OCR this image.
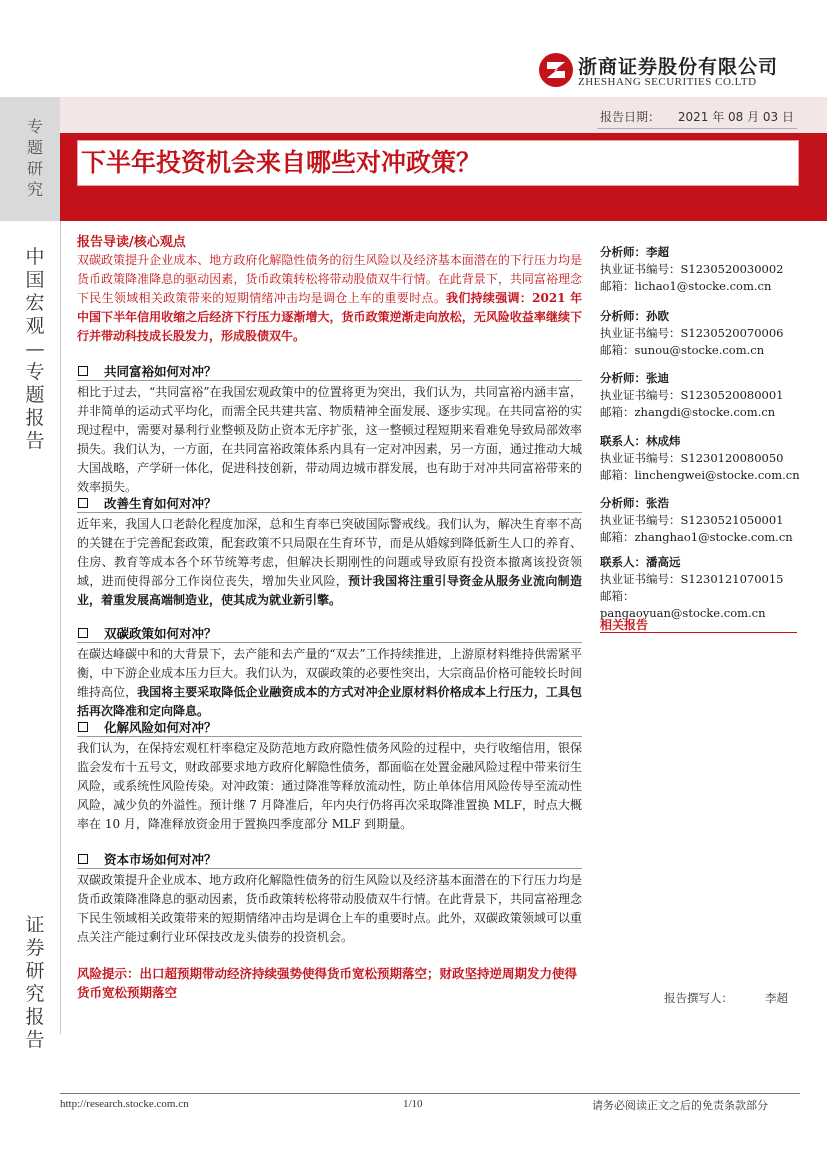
浙商证券股份有限公司
ZHESHANG SECURITIES CO.LTD
专题研究
中国宏观—专题报告
证券研究报告
报告日期： 2021 年 08 月 03 日
下半年投资机会来自哪些对冲政策？
报告导读/核心观点
双碳政策提升企业成本、地方政府化解隐性债务的衍生风险以及经济基本面潜在的下行压力均是货币政策降准降息的驱动因素，货币政策转松将带动股债双牛行情。在此背景下，共同富裕理念下民生领域相关政策带来的短期情绪冲击均是调仓上车的重要时点。我们持续强调：2021 年中国下半年信用收缩之后经济下行压力逐渐增大，货币政策逆渐走向放松，无风险收益率继续下行并带动科技成长股发力，形成股债双牛。
共同富裕如何对冲？
相比于过去，“共同富裕”在我国宏观政策中的位置将更为突出，我们认为，共同富裕内涵丰富，并非简单的运动式平均化，而需全民共建共富、物质精神全面发展、逐步实现。在共同富裕的实现过程中，需要对暴利行业整顿及防止资本无序扩张，这一整顿过程短期来看难免导致局部效率损失。我们认为，一方面，在共同富裕政策体系内具有一定对冲因素，另一方面，通过推动大城大国战略，产学研一体化，促进科技创新，带动周边城市群发展，也有助于对冲共同富裕带来的效率损失。
改善生育如何对冲？
近年来，我国人口老龄化程度加深，总和生育率已突破国际警戒线。我们认为，解决生育率不高的关键在于完善配套政策，配套政策不只局限在生育环节，而是从婚嫁到降低新生人口的养育、住房、教育等成本各个环节统筹考虑，但解决长期刚性的问题或导致原有投资本撤离该投资领域，进而使得部分工作岗位丧失，增加失业风险，预计我国将注重引导资金从服务业流向制造业，着重发展高端制造业，使其成为就业新引擎。
双碳政策如何对冲？
在碳达峰碳中和的大背景下，去产能和去产量的“双去”工作持续推进，上游原材料维持供需紧平衡，中下游企业成本压力巨大。我们认为，双碳政策的必要性突出，大宗商品价格可能较长时间维持高位，我国将主要采取降低企业融资成本的方式对冲企业原材料价格成本上行压力，工具包括再次降准和定向降息。
化解风险如何对冲？
我们认为，在保持宏观杠杆率稳定及防范地方政府隐性债务风险的过程中，央行收缩信用，银保监会发布十五号文，财政部要求地方政府化解隐性债务，都面临在处置金融风险过程中带来衍生风险，或系统性风险传染。对冲政策：通过降准等释放流动性，防止单体信用风险传导至流动性风险，减少负的外溢性。预计继 7 月降准后，年内央行仍将再次采取降准置换 MLF，时点大概率在 10 月，降准释放资金用于置换四季度部分 MLF 到期量。
资本市场如何对冲？
双碳政策提升企业成本、地方政府化解隐性债务的衍生风险以及经济基本面潜在的下行压力均是货币政策降准降息的驱动因素，货币政策转松将带动股债双牛行情。在此背景下，共同富裕理念下民生领域相关政策带来的短期情绪冲击均是调仓上车的重要时点。此外，双碳政策领域可以重点关注产能过剩行业环保技改龙头债券的投资机会。
风险提示：出口超预期带动经济持续强势使得货币宽松预期落空；财政坚持逆周期发力使得货币宽松预期落空
分析师：李超
执业证书编号：S1230520030002
邮箱：lichao1@stocke.com.cn
分析师：孙欧
执业证书编号：S1230520070006
邮箱：sunou@stocke.com.cn
分析师：张迪
执业证书编号：S1230520080001
邮箱：zhangdi@stocke.com.cn
联系人：林成炜
执业证书编号：S1230120080050
邮箱：linchengwei@stocke.com.cn
分析师：张浩
执业证书编号：S1230521050001
邮箱：zhanghao1@stocke.com.cn
联系人：潘高远
执业证书编号：S1230121070015
邮箱：pangaoyuan@stocke.com.cn
相关报告
报告撰写人：	李超
http://research.stocke.com.cn	1/10	请务必阅读正文之后的免责条款部分
